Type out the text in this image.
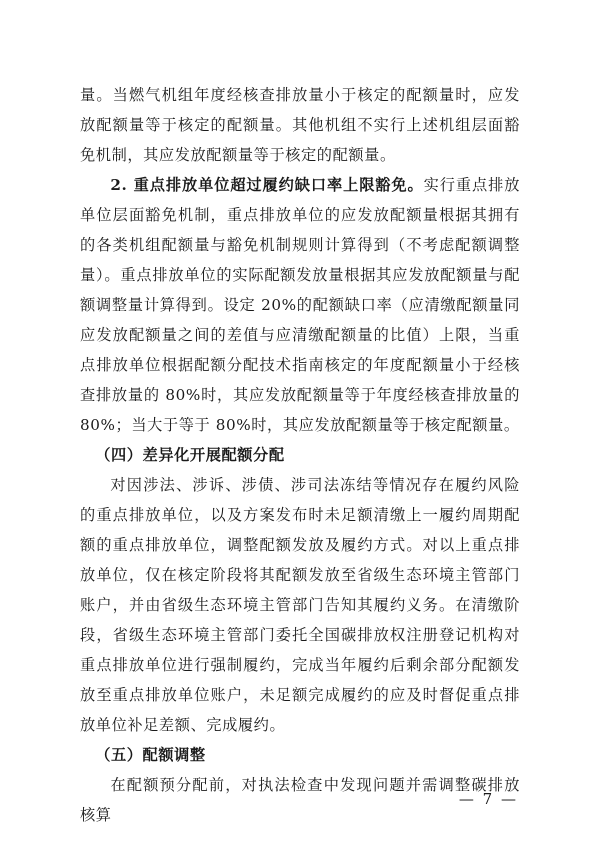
量。当燃气机组年度经核查排放量小于核定的配额量时，应发放配额量等于核定的配额量。其他机组不实行上述机组层面豁免机制，其应发放配额量等于核定的配额量。

2. 重点排放单位超过履约缺口率上限豁免。实行重点排放单位层面豁免机制，重点排放单位的应发放配额量根据其拥有的各类机组配额量与豁免机制规则计算得到（不考虑配额调整量）。重点排放单位的实际配额发放量根据其应发放配额量与配额调整量计算得到。设定 20%的配额缺口率（应清缴配额量同应发放配额量之间的差值与应清缴配额量的比值）上限，当重点排放单位根据配额分配技术指南核定的年度配额量小于经核查排放量的 80%时，其应发放配额量等于年度经核查排放量的 80%；当大于等于 80%时，其应发放配额量等于核定配额量。

（四）差异化开展配额分配

对因涉法、涉诉、涉债、涉司法冻结等情况存在履约风险的重点排放单位，以及方案发布时未足额清缴上一履约周期配额的重点排放单位，调整配额发放及履约方式。对以上重点排放单位，仅在核定阶段将其配额发放至省级生态环境主管部门账户，并由省级生态环境主管部门告知其履约义务。在清缴阶段，省级生态环境主管部门委托全国碳排放权注册登记机构对重点排放单位进行强制履约，完成当年履约后剩余部分配额发放至重点排放单位账户，未足额完成履约的应及时督促重点排放单位补足差额、完成履约。

（五）配额调整

在配额预分配前，对执法检查中发现问题并需调整碳排放核算

— 7 —
